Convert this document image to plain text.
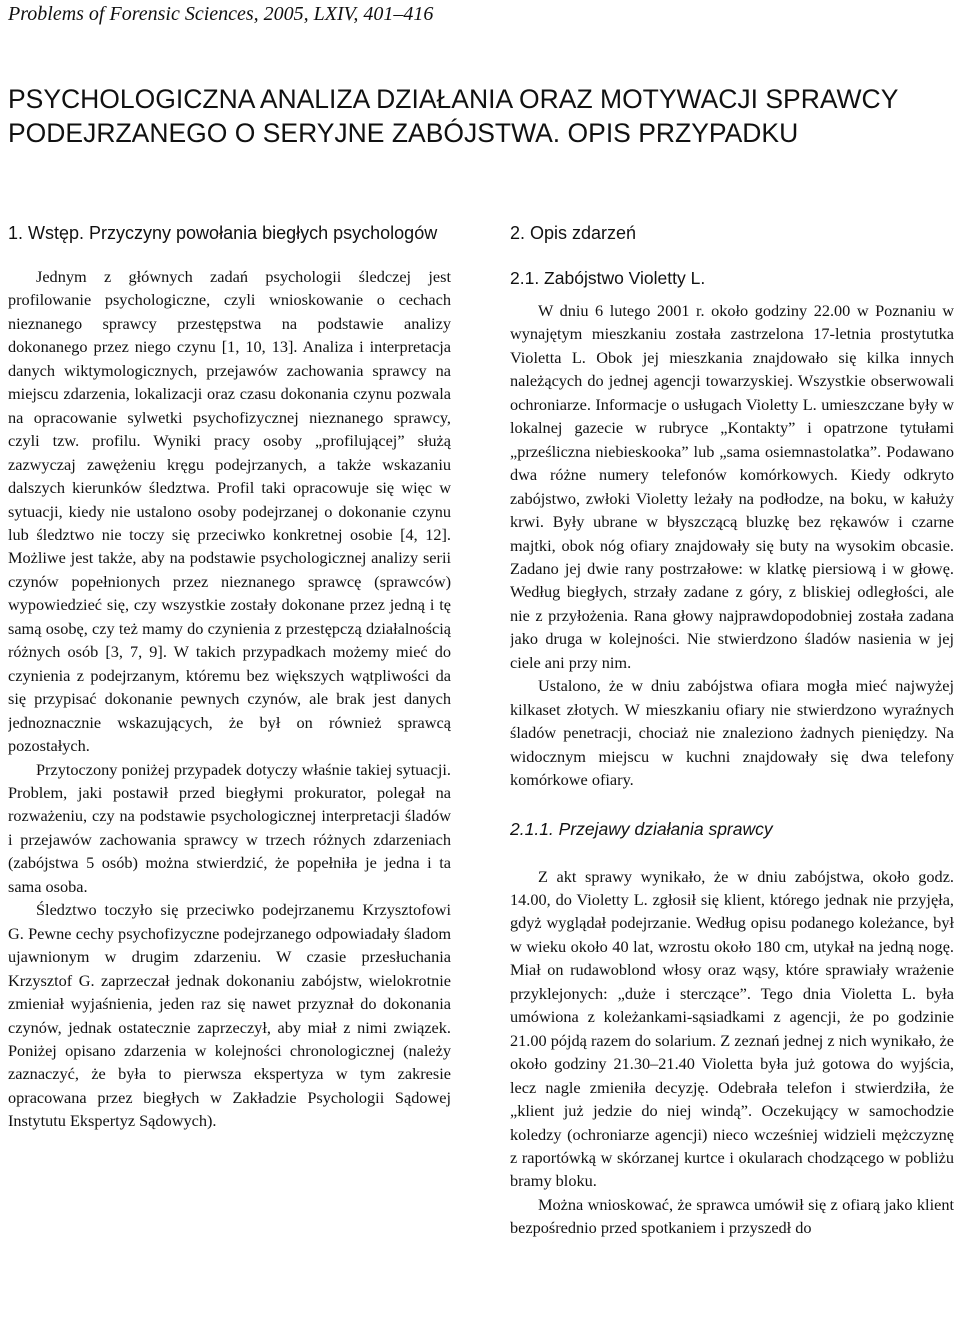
Problems of Forensic Sciences, 2005, LXIV, 401–416
PSYCHOLOGICZNA ANALIZA DZIAŁANIA ORAZ MOTYWACJI SPRAWCY PODEJRZANEGO O SERYJNE ZABÓJSTWA. OPIS PRZYPADKU
1. Wstęp. Przyczyny powołania biegłych psychologów

Jednym z głównych zadań psychologii śledczej jest profilowanie psychologiczne, czyli wnioskowanie o cechach nieznanego sprawcy przestępstwa na podstawie analizy dokonanego przez niego czynu [1, 10, 13]. Analiza i interpretacja danych wiktymologicznych, przejawów zachowania sprawcy na miejscu zdarzenia, lokalizacji oraz czasu dokonania czynu pozwala na opracowanie sylwetki psychofizycznej nieznanego sprawcy, czyli tzw. profilu. Wyniki pracy osoby „profilującej” służą zazwyczaj zawężeniu kręgu podejrzanych, a także wskazaniu dalszych kierunków śledztwa. Profil taki opracowuje się więc w sytuacji, kiedy nie ustalono osoby podejrzanej o dokonanie czynu lub śledztwo nie toczy się przeciwko konkretnej osobie [4, 12]. Możliwe jest także, aby na podstawie psychologicznej analizy serii czynów popełnionych przez nieznanego sprawcę (sprawców) wypowiedzieć się, czy wszystkie zostały dokonane przez jedną i tę samą osobę, czy też mamy do czynienia z przestępczą działalnością różnych osób [3, 7, 9]. W takich przypadkach możemy mieć do czynienia z podejrzanym, któremu bez większych wątpliwości da się przypisać dokonanie pewnych czynów, ale brak jest danych jednoznacznie wskazujących, że był on również sprawcą pozostałych.

Przytoczony poniżej przypadek dotyczy właśnie takiej sytuacji. Problem, jaki postawił przed biegłymi prokurator, polegał na rozważeniu, czy na podstawie psychologicznej interpretacji śladów i przejawów zachowania sprawcy w trzech różnych zdarzeniach (zabójstwa 5 osób) można stwierdzić, że popełniła je jedna i ta sama osoba.

Śledztwo toczyło się przeciwko podejrzanemu Krzysztofowi G. Pewne cechy psychofizyczne podejrzanego odpowiadały śladom ujawnionym w drugim zdarzeniu. W czasie przesłuchania Krzysztof G. zaprzeczał jednak dokonaniu zabójstw, wielokrotnie zmieniał wyjaśnienia, jeden raz się nawet przyznał do dokonania czynów, jednak ostatecznie zaprzeczył, aby miał z nimi związek. Poniżej opisano zdarzenia w kolejności chronologicznej (należy zaznaczyć, że była to pierwsza ekspertyza w tym zakresie opracowana przez biegłych w Zakładzie Psychologii Sądowej Instytutu Ekspertyz Sądowych).

2. Opis zdarzeń
2.1. Zabójstwo Violetty L.

W dniu 6 lutego 2001 r. około godziny 22.00 w Poznaniu w wynajętym mieszkaniu została zastrzelona 17-letnia prostytutka Violetta L. Obok jej mieszkania znajdowało się kilka innych należących do jednej agencji towarzyskiej. Wszystkie obserwowali ochroniarze. Informacje o usługach Violetty L. umieszczane były w lokalnej gazecie w rubryce „Kontakty” i opatrzone tytułami „prześliczna niebieskooka” lub „sama osiemnastolatka”. Podawano dwa różne numery telefonów komórkowych. Kiedy odkryto zabójstwo, zwłoki Violetty leżały na podłodze, na boku, w kałuży krwi. Były ubrane w błyszczącą bluzkę bez rękawów i czarne majtki, obok nóg ofiary znajdowały się buty na wysokim obcasie. Zadano jej dwie rany postrzałowe: w klatkę piersiową i w głowę. Według biegłych, strzały zadane z góry, z bliskiej odległości, ale nie z przyłożenia. Rana głowy najprawdopodobniej została zadana jako druga w kolejności. Nie stwierdzono śladów nasienia w jej ciele ani przy nim.

Ustalono, że w dniu zabójstwa ofiara mogła mieć najwyżej kilkaset złotych. W mieszkaniu ofiary nie stwierdzono wyraźnych śladów penetracji, chociaż nie znaleziono żadnych pieniędzy. Na widocznym miejscu w kuchni znajdowały się dwa telefony komórkowe ofiary.

2.1.1. Przejawy działania sprawcy

Z akt sprawy wynikało, że w dniu zabójstwa, około godz. 14.00, do Violetty L. zgłosił się klient, którego jednak nie przyjęła, gdyż wyglądał podejrzanie. Według opisu podanego koleżance, był w wieku około 40 lat, wzrostu około 180 cm, utykał na jedną nogę. Miał on rudawoblond włosy oraz wąsy, które sprawiały wrażenie przyklejonych: „duże i sterczące”. Tego dnia Violetta L. była umówiona z koleżankami-sąsiadkami z agencji, że po godzinie 21.00 pójdą razem do solarium. Z zeznań jednej z nich wynikało, że około godziny 21.30–21.40 Violetta była już gotowa do wyjścia, lecz nagle zmieniła decyzję. Odebrała telefon i stwierdziła, że „klient już jedzie do niej windą”. Oczekujący w samochodzie koledzy (ochroniarze agencji) nieco wcześniej widzieli mężczyznę z raportówką w skórzanej kurtce i okularach chodzącego w pobliżu bramy bloku.

Można wnioskować, że sprawca umówił się z ofiarą jako klient bezpośrednio przed spotkaniem i przyszedł do
